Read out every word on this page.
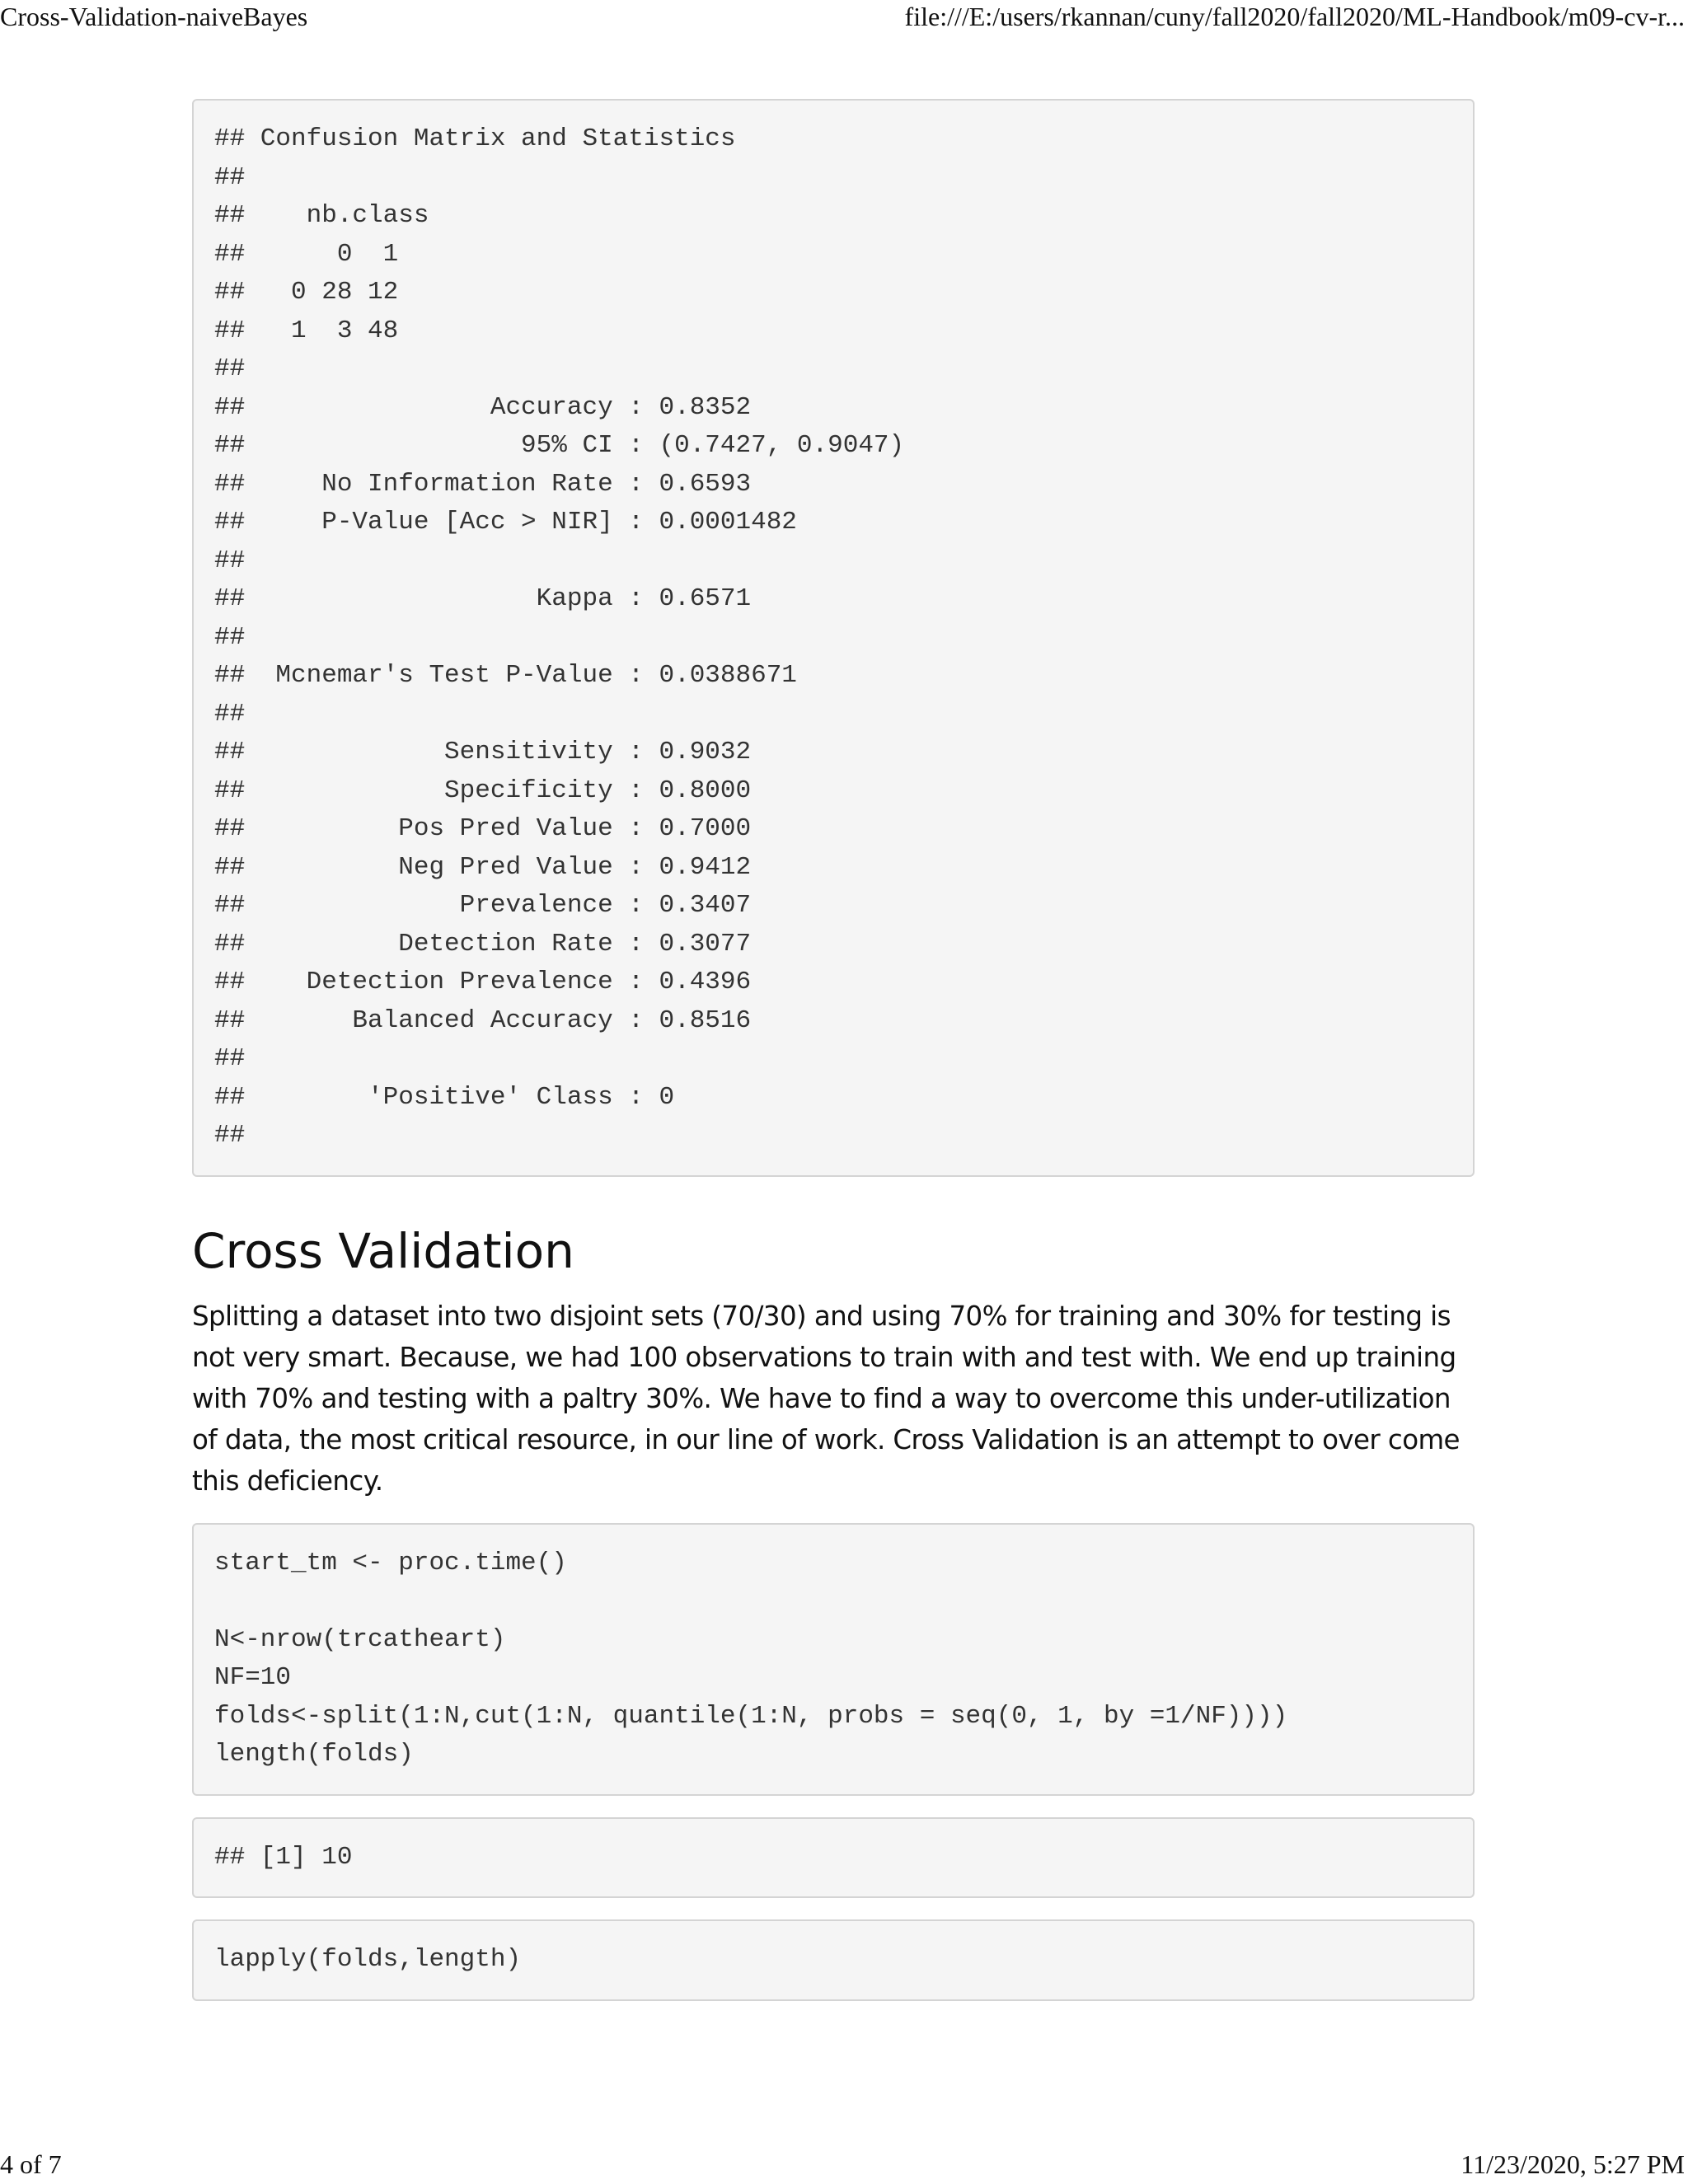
Cross-Validation-naiveBayes	file:///E:/users/rkannan/cuny/fall2020/fall2020/ML-Handbook/m09-cv-r...
## Confusion Matrix and Statistics
##
##    nb.class
##      0  1
##   0 28 12
##   1  3 48
##
##                Accuracy : 0.8352
##                  95% CI : (0.7427, 0.9047)
##     No Information Rate : 0.6593
##     P-Value [Acc > NIR] : 0.0001482
##
##                   Kappa : 0.6571
##
##  Mcnemar's Test P-Value : 0.0388671
##
##             Sensitivity : 0.9032
##             Specificity : 0.8000
##          Pos Pred Value : 0.7000
##          Neg Pred Value : 0.9412
##              Prevalence : 0.3407
##          Detection Rate : 0.3077
##    Detection Prevalence : 0.4396
##       Balanced Accuracy : 0.8516
##
##        'Positive' Class : 0
##
Cross Validation

Splitting a dataset into two disjoint sets (70/30) and using 70% for training and 30% for testing is not very smart. Because, we had 100 observations to train with and test with. We end up training with 70% and testing with a paltry 30%. We have to find a way to overcome this under-utilization of data, the most critical resource, in our line of work. Cross Validation is an attempt to over come this deficiency.

start_tm <- proc.time()
N<-nrow(trcatheart)
NF=10
folds<-split(1:N,cut(1:N, quantile(1:N, probs = seq(0, 1, by =1/NF))))
length(folds)
## [1] 10
lapply(folds,length)
4 of 7	11/23/2020, 5:27 PM
